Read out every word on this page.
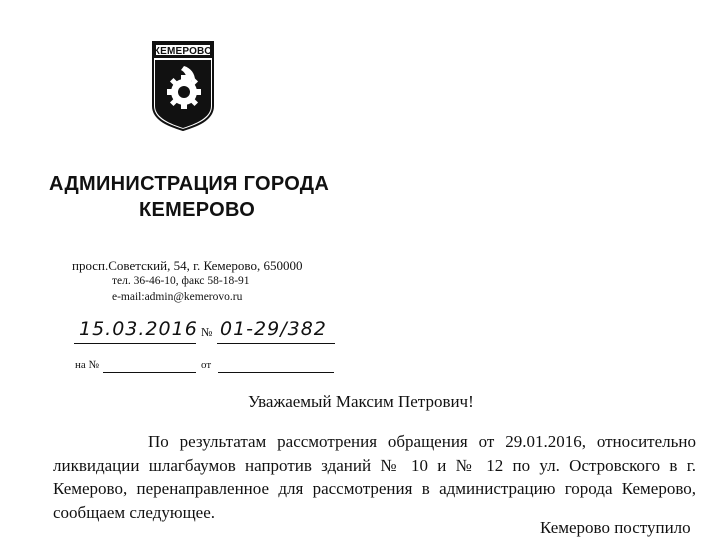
КЕМЕРОВО
АДМИНИСТРАЦИЯ ГОРОДА
КЕМЕРОВО
просп.Советский, 54, г. Кемерово, 650000
тел. 36-46-10, факс 58-18-91
e-mail:admin@kemerovo.ru
15.03.2016 № 01-29/382
на №	от
Уважаемый Максим Петрович!

По результатам рассмотрения обращения от 29.01.2016, относительно ликвидации шлагбаумов напротив зданий № 10 и № 12 по ул. Островского в г. Кемерово, перенаправленное для рассмотрения в администрацию города Кемерово, сообщаем следующее.

Кемерово поступило
